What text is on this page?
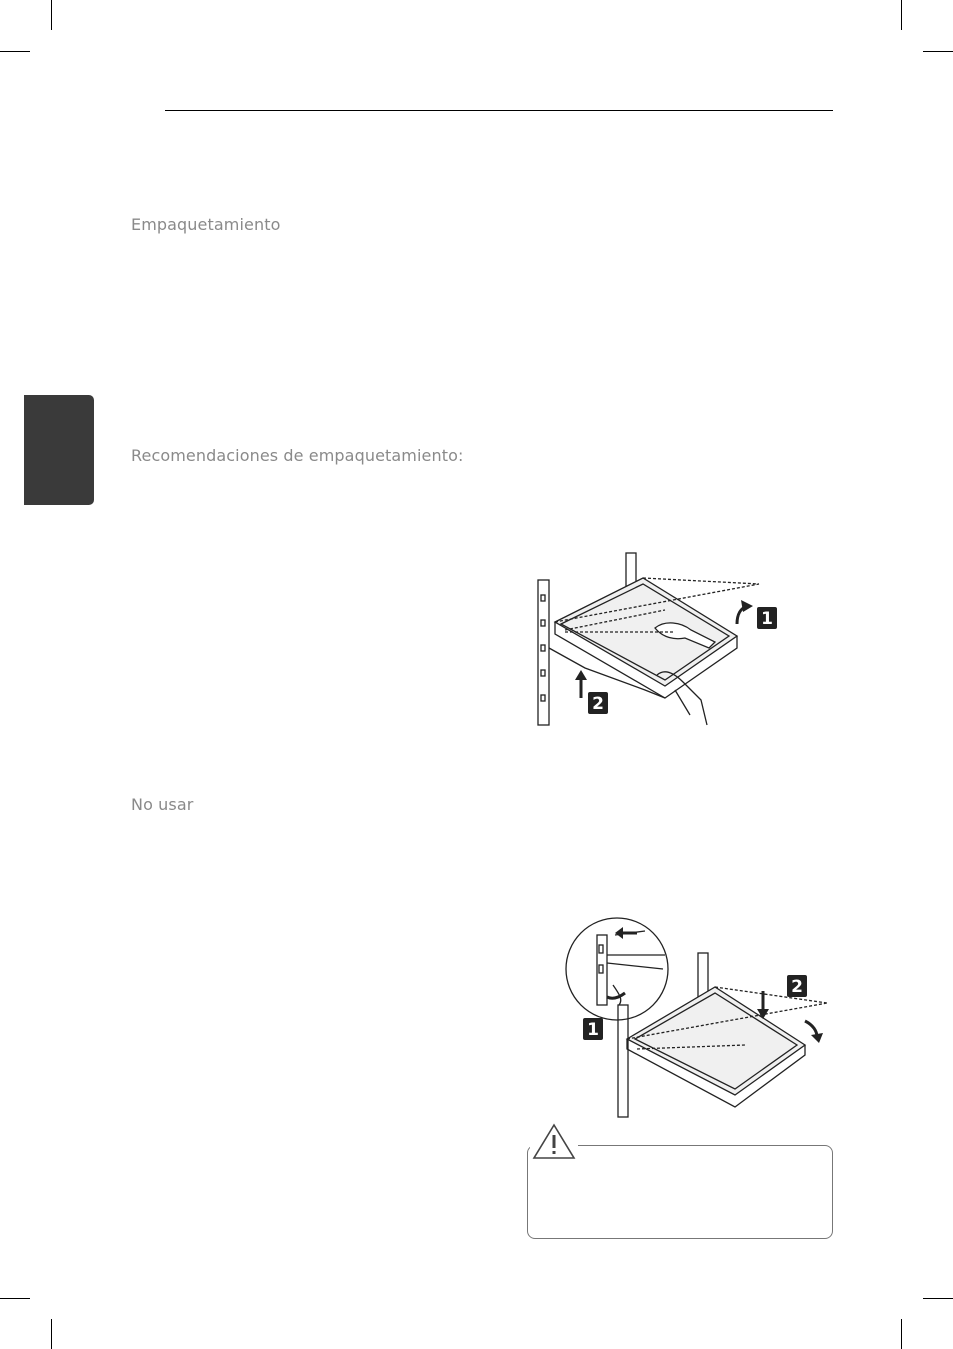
Empaquetamiento
Recomendaciones de empaquetamiento:
No usar
1
2
2
1
